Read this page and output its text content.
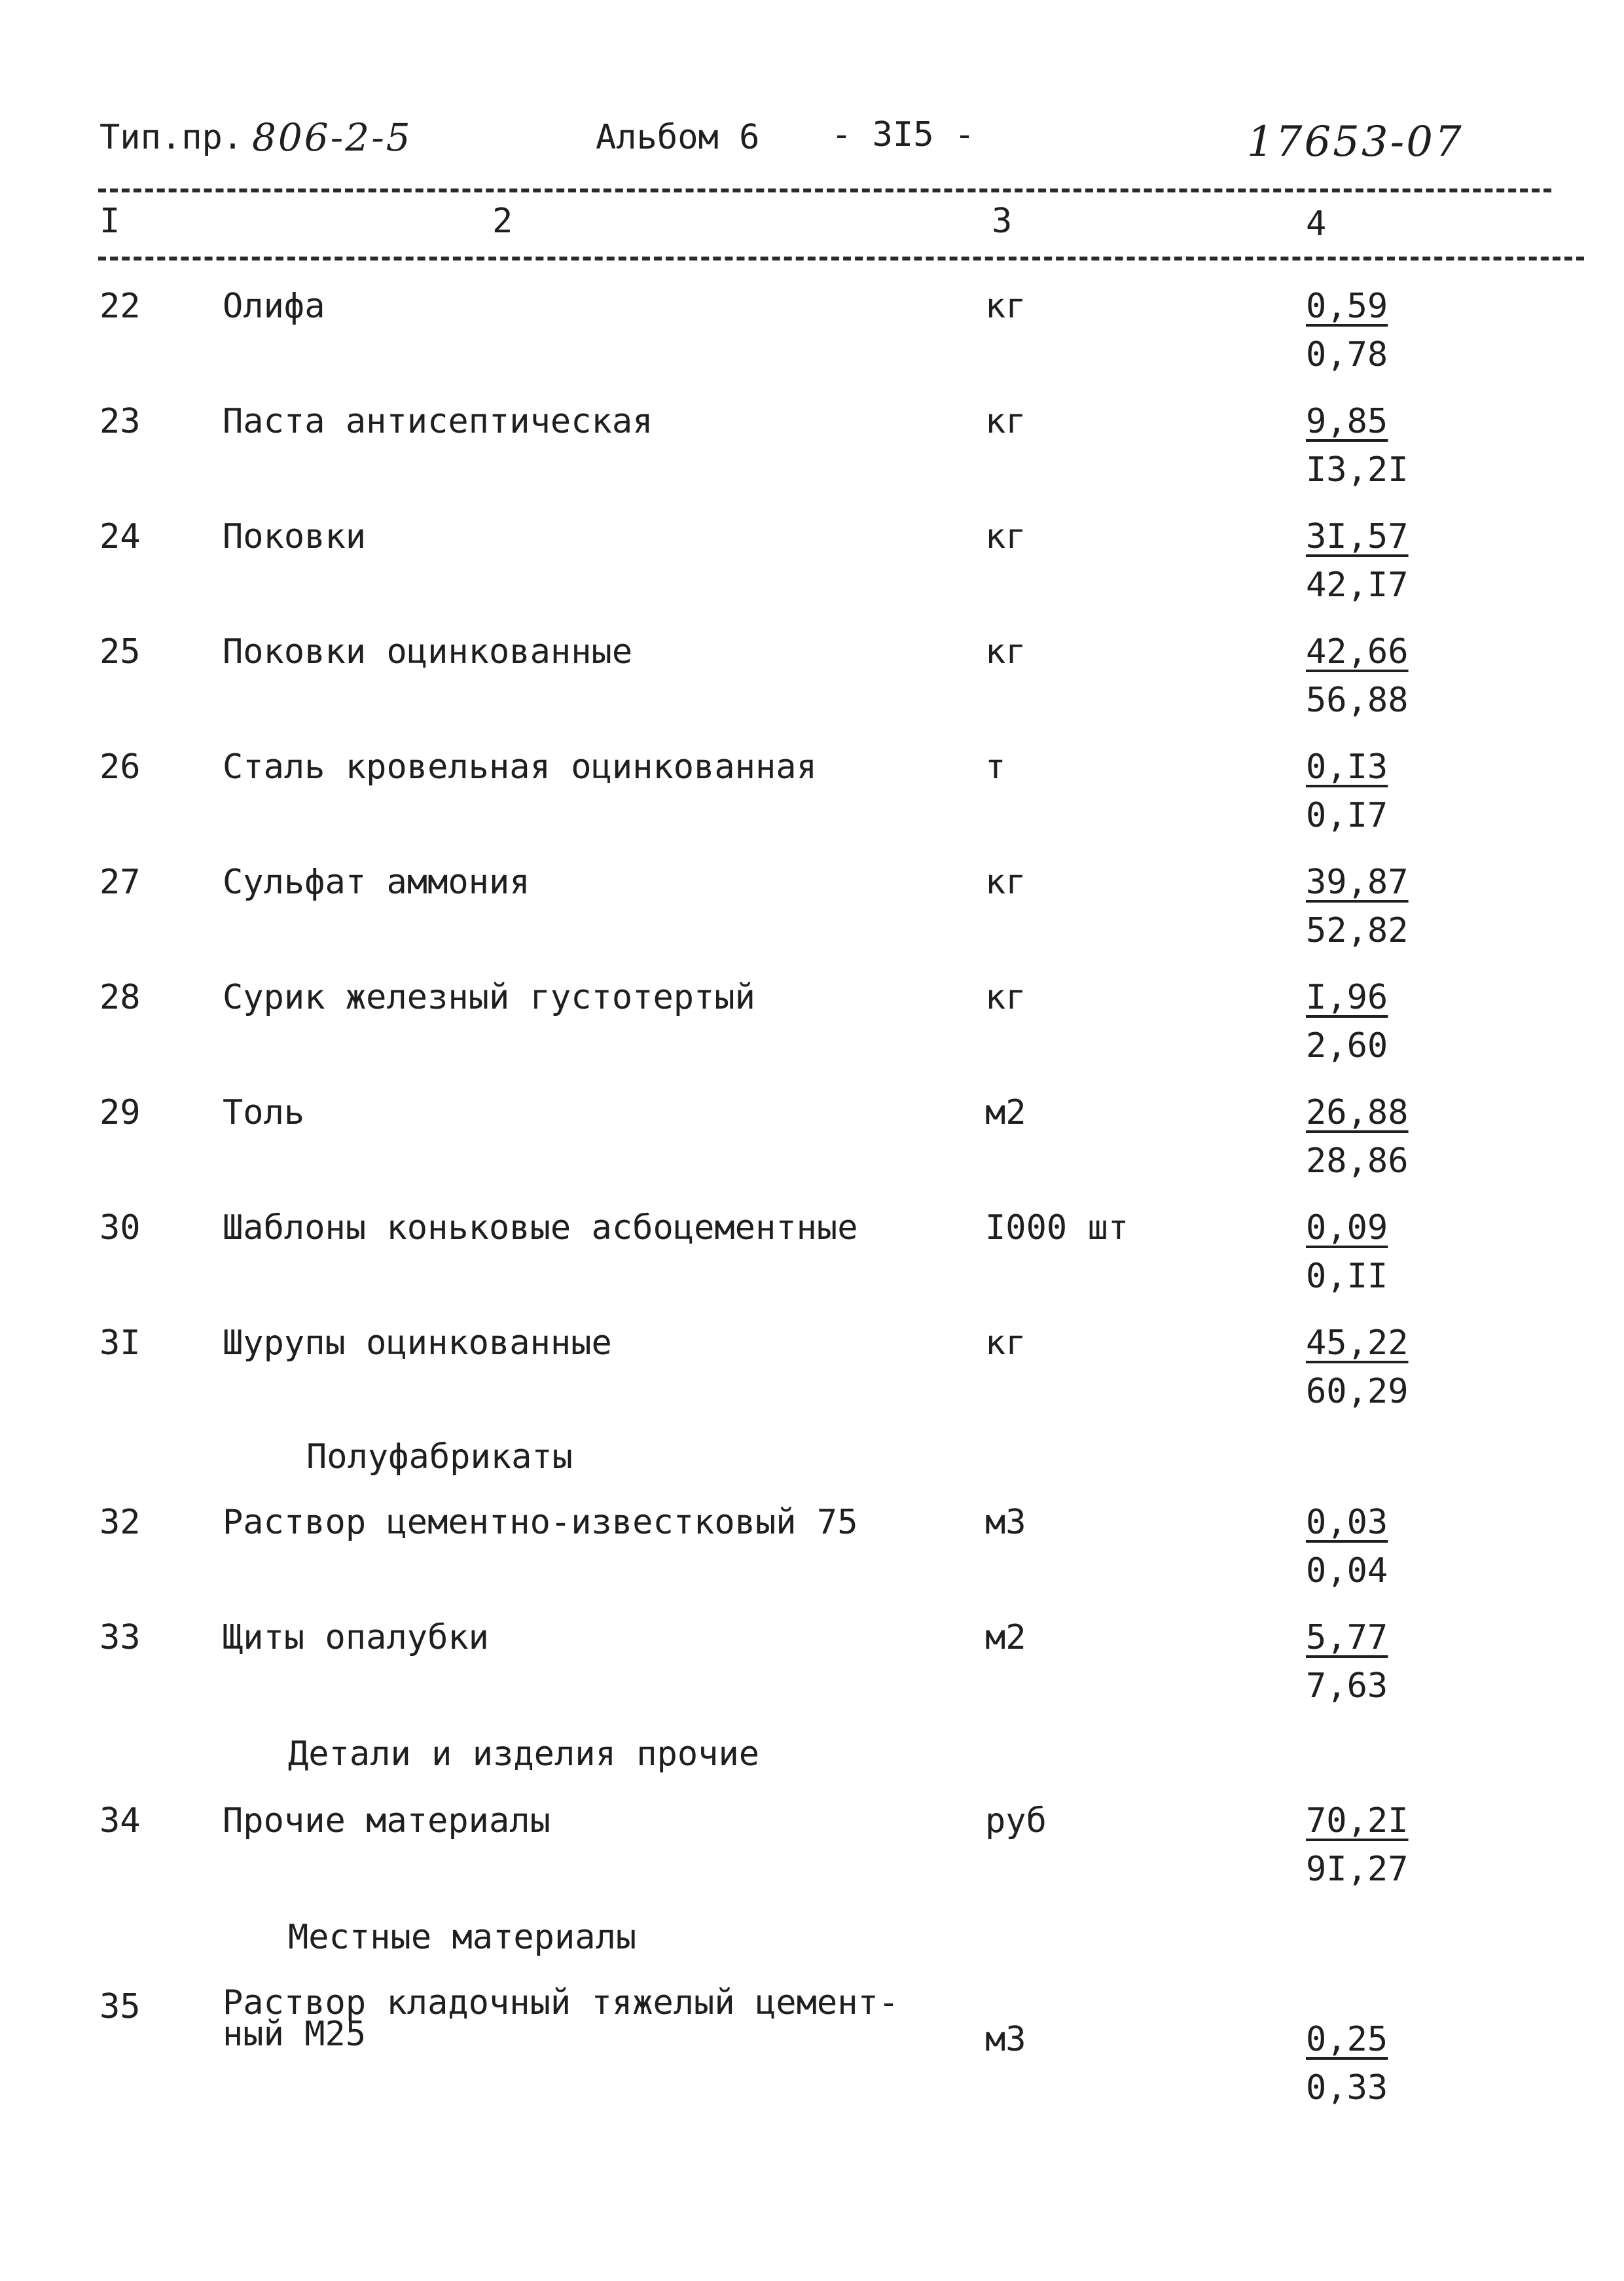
Тип.пр. 806-2-5	Альбом 6 - 3I5 -	17653-07
I	2	3	4
22 Олифа	кг	0,59
0,78
23 Паста антисептическая	кг	9,85
I3,2I
24 Поковки	кг	3I,57
42,I7
25 Поковки оцинкованные	кг	42,66
56,88
26 Сталь кровельная оцинкованная	т	0,I3
0,I7
27 Сульфат аммония	кг	39,87
52,82
28 Сурик железный густотертый	кг	I,96
2,60
29 Толь	м2	26,88
28,86
30 Шаблоны коньковые асбоцементные	I000 шт	0,09
0,II
3I Шурупы оцинкованные	кг	45,22
60,29
Полуфабрикаты
32 Раствор цементно-известковый 75	м3	0,03
0,04
33 Щиты опалубки	м2	5,77
7,63
Детали и изделия прочие
34 Прочие материалы	руб	70,2I
9I,27
Местные материалы
35 Раствор кладочный тяжелый цемент-
ный М25	м3	0,25
0,33
